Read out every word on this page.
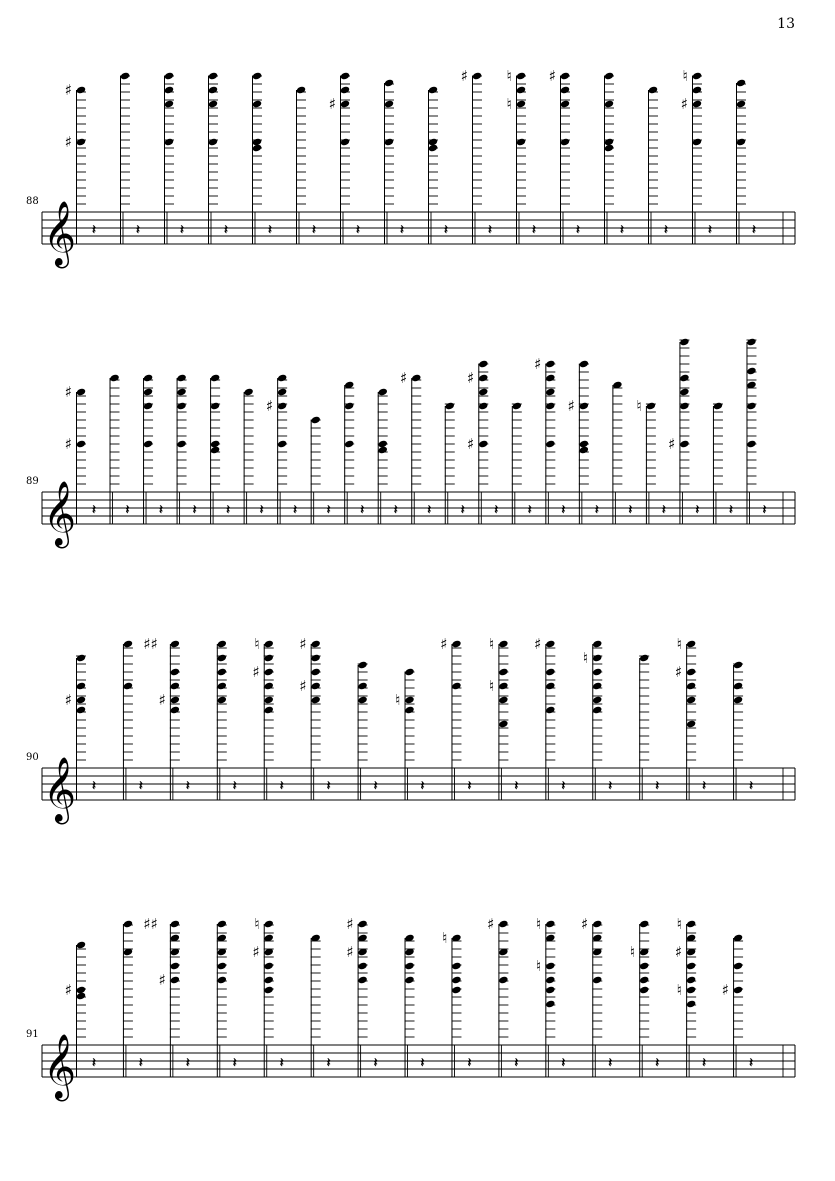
13
𝄞
88
♯
♯
𝄽	𝄽	𝄽	𝄽	𝄽	𝄽
♯
𝄽	𝄽	𝄽
♯
𝄽
♮
♮
𝄽
♯
𝄽	𝄽	𝄽
♮
♯
𝄽	𝄽
𝄞
89
♯
♯
𝄽 𝄽 𝄽 𝄽 𝄽 𝄽
♯
𝄽 𝄽 𝄽 𝄽
♯
𝄽 𝄽
♯
♯
𝄽 𝄽
♯
𝄽
♯
𝄽 𝄽
♮
𝄽
♯
𝄽 𝄽 𝄽
𝄞
90
♯
𝄽	𝄽
♯♯
♯
𝄽	𝄽
♮
♯
𝄽
♯
♯
𝄽	𝄽
♮
𝄽
♯
𝄽
♮
♮
𝄽
♯
𝄽
♮
𝄽	𝄽
♮
♯
𝄽	𝄽
𝄞
91
♯
𝄽	𝄽
♯♯
♯
𝄽	𝄽
♮
♯
𝄽	𝄽
♯
♯
𝄽	𝄽
♮
𝄽
♯
𝄽
♮
♮
𝄽
♯
𝄽
♮
𝄽
♮
♯
♮
𝄽
♯
𝄽
